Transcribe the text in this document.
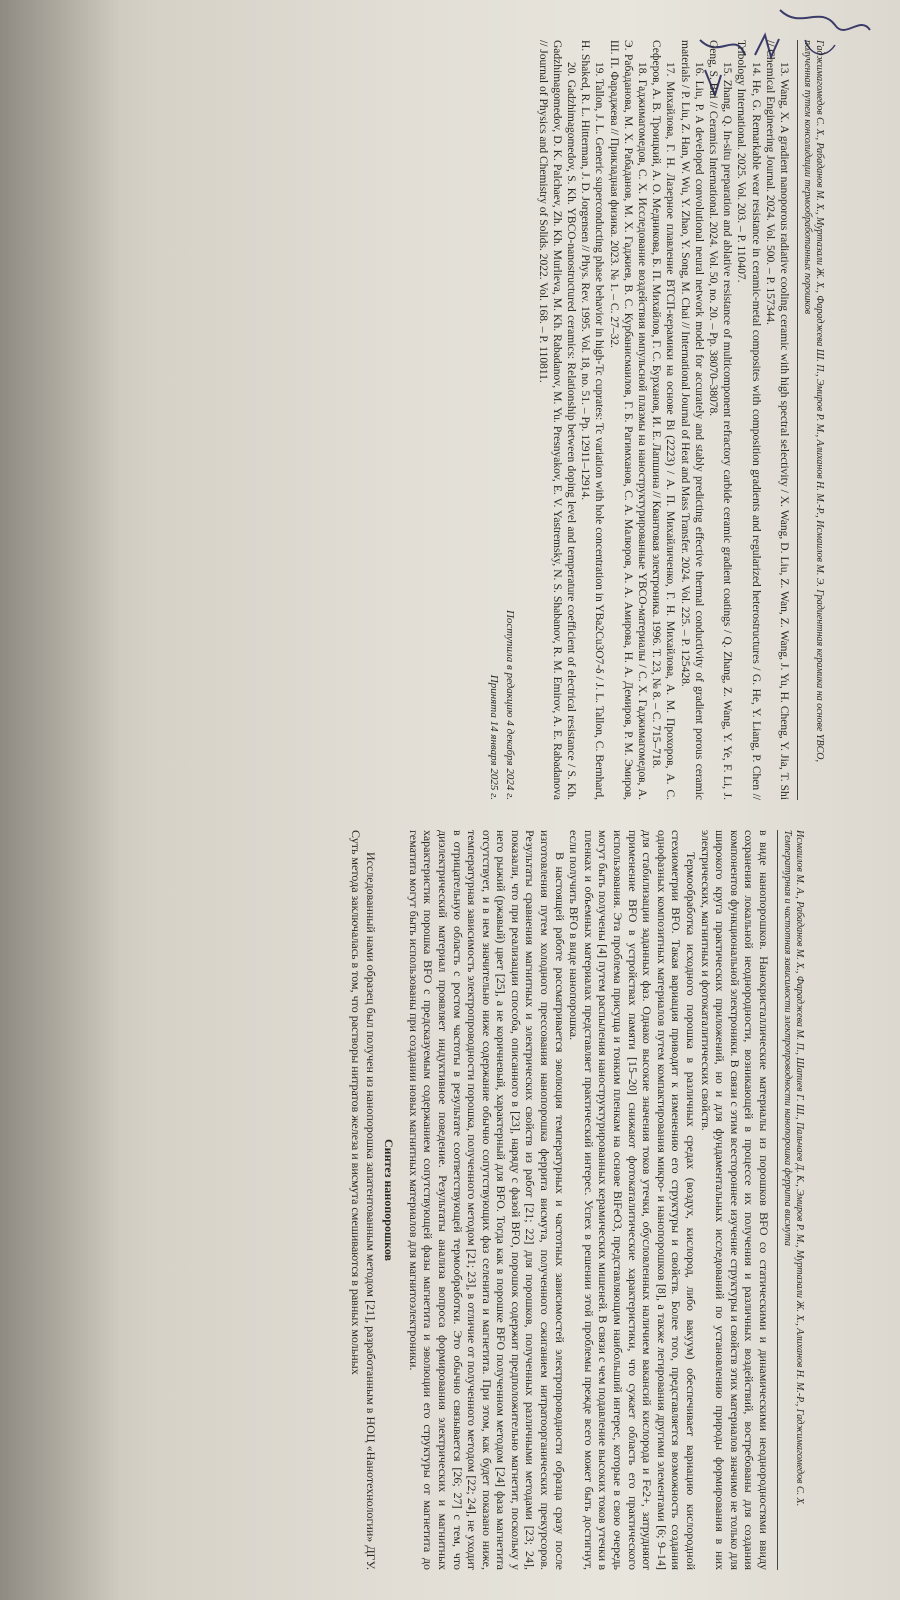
Гаджимагомедов С. Х., Рабаданов М. Х., Муртазали Ж. Х., Фараджева Ш. П., Эмиров Р. М., Алиханов Н. М.-Р., Исмаилов М. Э. Градиентная керамика на основе YBCO, полученная путем консолидации термообработанных порошков

13. Wang, X. A gradient nanoporous radiative cooling ceramic with high spectral selectivity / X. Wang, D. Liu, Z. Wan, Z. Wang, J. Yu, H. Cheng, Y. Jia, T. Shi // Chemical Engineering Journal. 2024. Vol. 500. – P. 157344.

14. He, G. Remarkable wear resistance in ceramic-metal composites with composition gradients and regularized heterostructures / G. He, Y. Liang, P. Chen // Tribology International. 2025. Vol. 203. – P. 110407.

15. Zhang, Q. In-situ preparation and ablative resistance of multicomponent refractory carbide ceramic gradient coatings / Q. Zhang, Z. Wang, Y. Ye, F. Li, J. Geng, S. Bai // Ceramics International. 2024. Vol. 50, no. 20. – Pp. 38070–38078.

16. Liu, P. A developed convolutional neural network model for accurately and stably predicting effective thermal conductivity of gradient porous ceramic materials / P. Liu, Z. Han, W. Wu, Y. Zhao, Y. Song, M. Chai // International Journal of Heat and Mass Transfer. 2024. Vol. 225. – P. 125428.

17. Михайлова, Г. Н. Лазерное плавление ВТСП-керамики на основе Bi (2223) / А. П. Михайличенко, Г. Н. Михайлова, А. М. Прохоров, А. С. Сеферов, А. В. Троицкий, А. О. Медникова, Б. П. Михайлов, Г. С. Бурханов, И. Е. Лапшина // Квантовая электроника. 1996. Т. 23, № 8. – С. 715–718.

18. Гаджимагомедов, С. Х. Исследование воздействия импульсной плазмы на наноструктурированные YBCO-материалы / С. Х. Гаджимагомедов, А. Э. Рабаданова, М. Х. Рабаданов, М. Х. Гаджиев, В. С. Курбанисмаилов, Г. Б. Рагимханов, С. А. Малюров, А. А. Амирова, Н. А. Демиров, Р. М. Эмиров, Ш. П. Фараджева // Прикладная физика. 2023. № 1. – С. 27–32.

19. Tallon, J. L. Generic superconducting phase behavior in high-Tc cuprates: Tc variation with hole concentration in YBa2Cu3O7-δ / J. L. Tallon, C. Bernhard, H. Shaked, R. L. Hitterman, J. D. Jorgensen // Phys. Rev. 1995. Vol. 18, no. 51. – Pp. 12911–12914.

20. Gadzhimagomedov, S. Kh. YBCO-nanostructured ceramics: Relationship between doping level and temperature coefficient of electrical resistance / S. Kh. Gadzhimagomedov, D. K. Palchaev, Zh. Kh. Murlieva, M. Kh. Rabadanov, M. Yu. Presnyakov, E. V. Yastremsky, N. S. Shabanov, R. M. Emirov, A. E. Rabadanova // Journal of Physics and Chemistry of Solids. 2022. Vol. 168. – P. 110811.

Поступила в редакцию 4 декабря 2024 г.
Принята 14 января 2025 г.
Исмаилов М. А., Рабаданов М. Х., Фараджева М. П., Шапиев Г. Ш., Пальчаев Д. К., Эмиров Р. М., Муртазали Ж. Х., Алиханов Н. М.-Р., Гаджимагомедов С. Х. Температурная и частотная зависимости электропроводности нанопорошка феррита висмута

в виде нанопорошков. Нанокристаллические материалы из порошков BFO со статическими и динамическими неоднородностями ввиду сохранения локальной неоднородности, возникающей в процессе их получения и различных воздействий, востребованы для создания компонентов функциональной электроники. В связи с этим всестороннее изучение структуры и свойств этих материалов значимо не только для широкого круга практических приложений, но и для фундаментальных исследований по установлению природы формирования в них электрических, магнитных и фотокаталитических свойств.

Термообработка исходного порошка в различных средах (воздух, кислород, либо вакуум) обеспечивает вариацию кислородной стехиометрии BFO. Такая вариация приводит к изменению его структуры и свойств. Более того, представляется возможность создания однофазных композитных материалов путем компактирования микро- и нанопорошков [8], а также легирования другими элементами [6; 9–14] для стабилизации заданных фаз. Однако высокие значения токов утечки, обусловленных наличием вакансий кислорода и Fe2+, затрудняют применение BFO в устройствах памяти [15–20] снижают фотокаталитические характеристики, что сужает область его практического использования. Эта проблема присуща и тонким пленкам на основе BiFeO3, представляющим наибольший интерес, которые в свою очередь могут быть получены [4] путем распыления наноструктурированных керамических мишеней. В связи с чем подавление высоких токов утечки в пленках и объемных материалах представляет практический интерес. Успех в решении этой проблемы прежде всего может быть достигнут, если получить BFO в виде нанопорошка.

В настоящей работе рассматривается эволюция температурных и частотных зависимостей электропроводности образца сразу после изготовления путем холодного прессования нанопорошка феррита висмута, полученного сжиганием нитратоорганических прекурсоров. Результаты сравнения магнитных и электрических свойств из работ [21; 22] для порошков, полученных различными методами [23; 24], показали, что при реализации способа, описанного в [23], наряду с фазой BFO, порошок содержит предположительно магнетит, поскольку у него рыжий (ржавый) цвет [25], а не коричневый, характерный для BFO. Тогда как в порошке BFO полученном методом [24] фаза магнетита отсутствует, и в нем значительно ниже содержание обычно сопутствующих фаз селенита и магнетита. При этом, как будет показано ниже, температурная зависимость электропроводности порошка, полученного методом [21; 23], в отличие от полученного методом [22; 24], не уходит в отрицательную область с ростом частоты в результате соответствующей термообработки. Это обычно связывается [26; 27] с тем, что диэлектрический материал проявляет индуктивное поведение. Результаты анализа вопроса формирования электрических и магнитных характеристик порошка BFO с предсказуемым содержанием сопутствующей фазы магнетита и эволюции его структуры от магнетита до гематита могут быть использованы при создании новых магнитных материалов для магнитоэлектроники.

Синтез нанопорошков

Исследованный нами образец был получен из нанопорошка запатентованным методом [21], разработанным в НОЦ «Нанотехнологии» ДГУ. Суть метода заключалась в том, что растворы нитратов железа и висмута смешиваются в равных мольных
